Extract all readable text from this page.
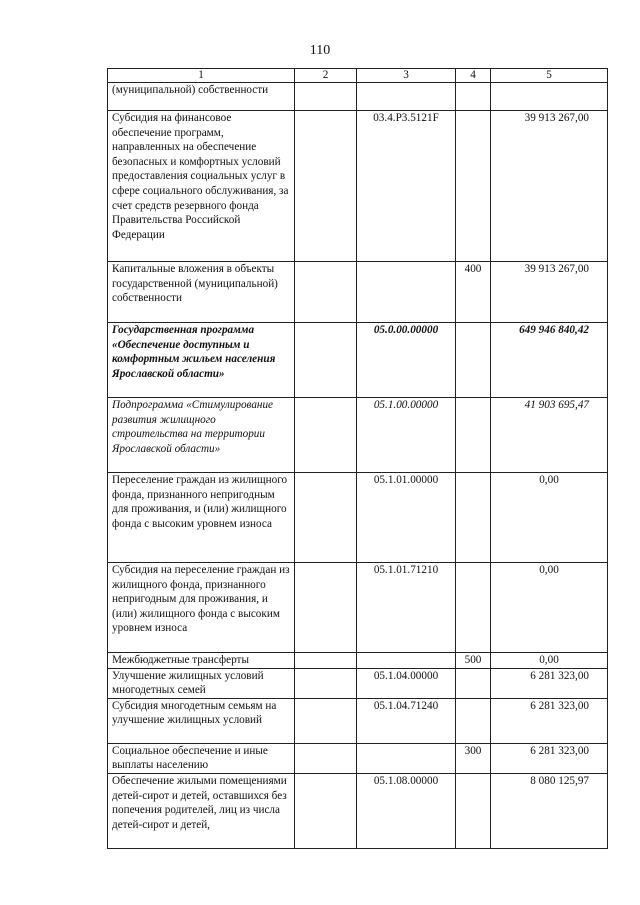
110
1	2	3	4	5
(муниципальной) собственности				
Субсидия на финансовое обеспечение программ, направленных на обеспечение безопасных и комфортных условий предоставления социальных услуг в сфере социального обслуживания, за счет средств резервного фонда Правительства Российской Федерации		03.4.Р3.5121F		39 913 267,00
Капитальные вложения в объекты государственной (муниципальной) собственности			400	39 913 267,00
Государственная программа «Обеспечение доступным и комфортным жильем населения Ярославской области»		05.0.00.00000		649 946 840,42
Подпрограмма «Стимулирование развития жилищного строительства на территории Ярославской области»		05.1.00.00000		41 903 695,47
Переселение граждан из жилищного фонда, признанного непригодным для проживания, и (или) жилищного фонда с высоким уровнем износа		05.1.01.00000		0,00
Субсидия на переселение граждан из жилищного фонда, признанного непригодным для проживания, и (или) жилищного фонда с высоким уровнем износа		05.1.01.71210		0,00
Межбюджетные трансферты			500	0,00
Улучшение жилищных условий многодетных семей		05.1.04.00000		6 281 323,00
Субсидия многодетным семьям на улучшение жилищных условий		05.1.04.71240		6 281 323,00
Социальное обеспечение и иные выплаты населению			300	6 281 323,00
Обеспечение жилыми помещениями детей-сирот и детей, оставшихся без попечения родителей, лиц из числа детей-сирот и детей,		05.1.08.00000		8 080 125,97
